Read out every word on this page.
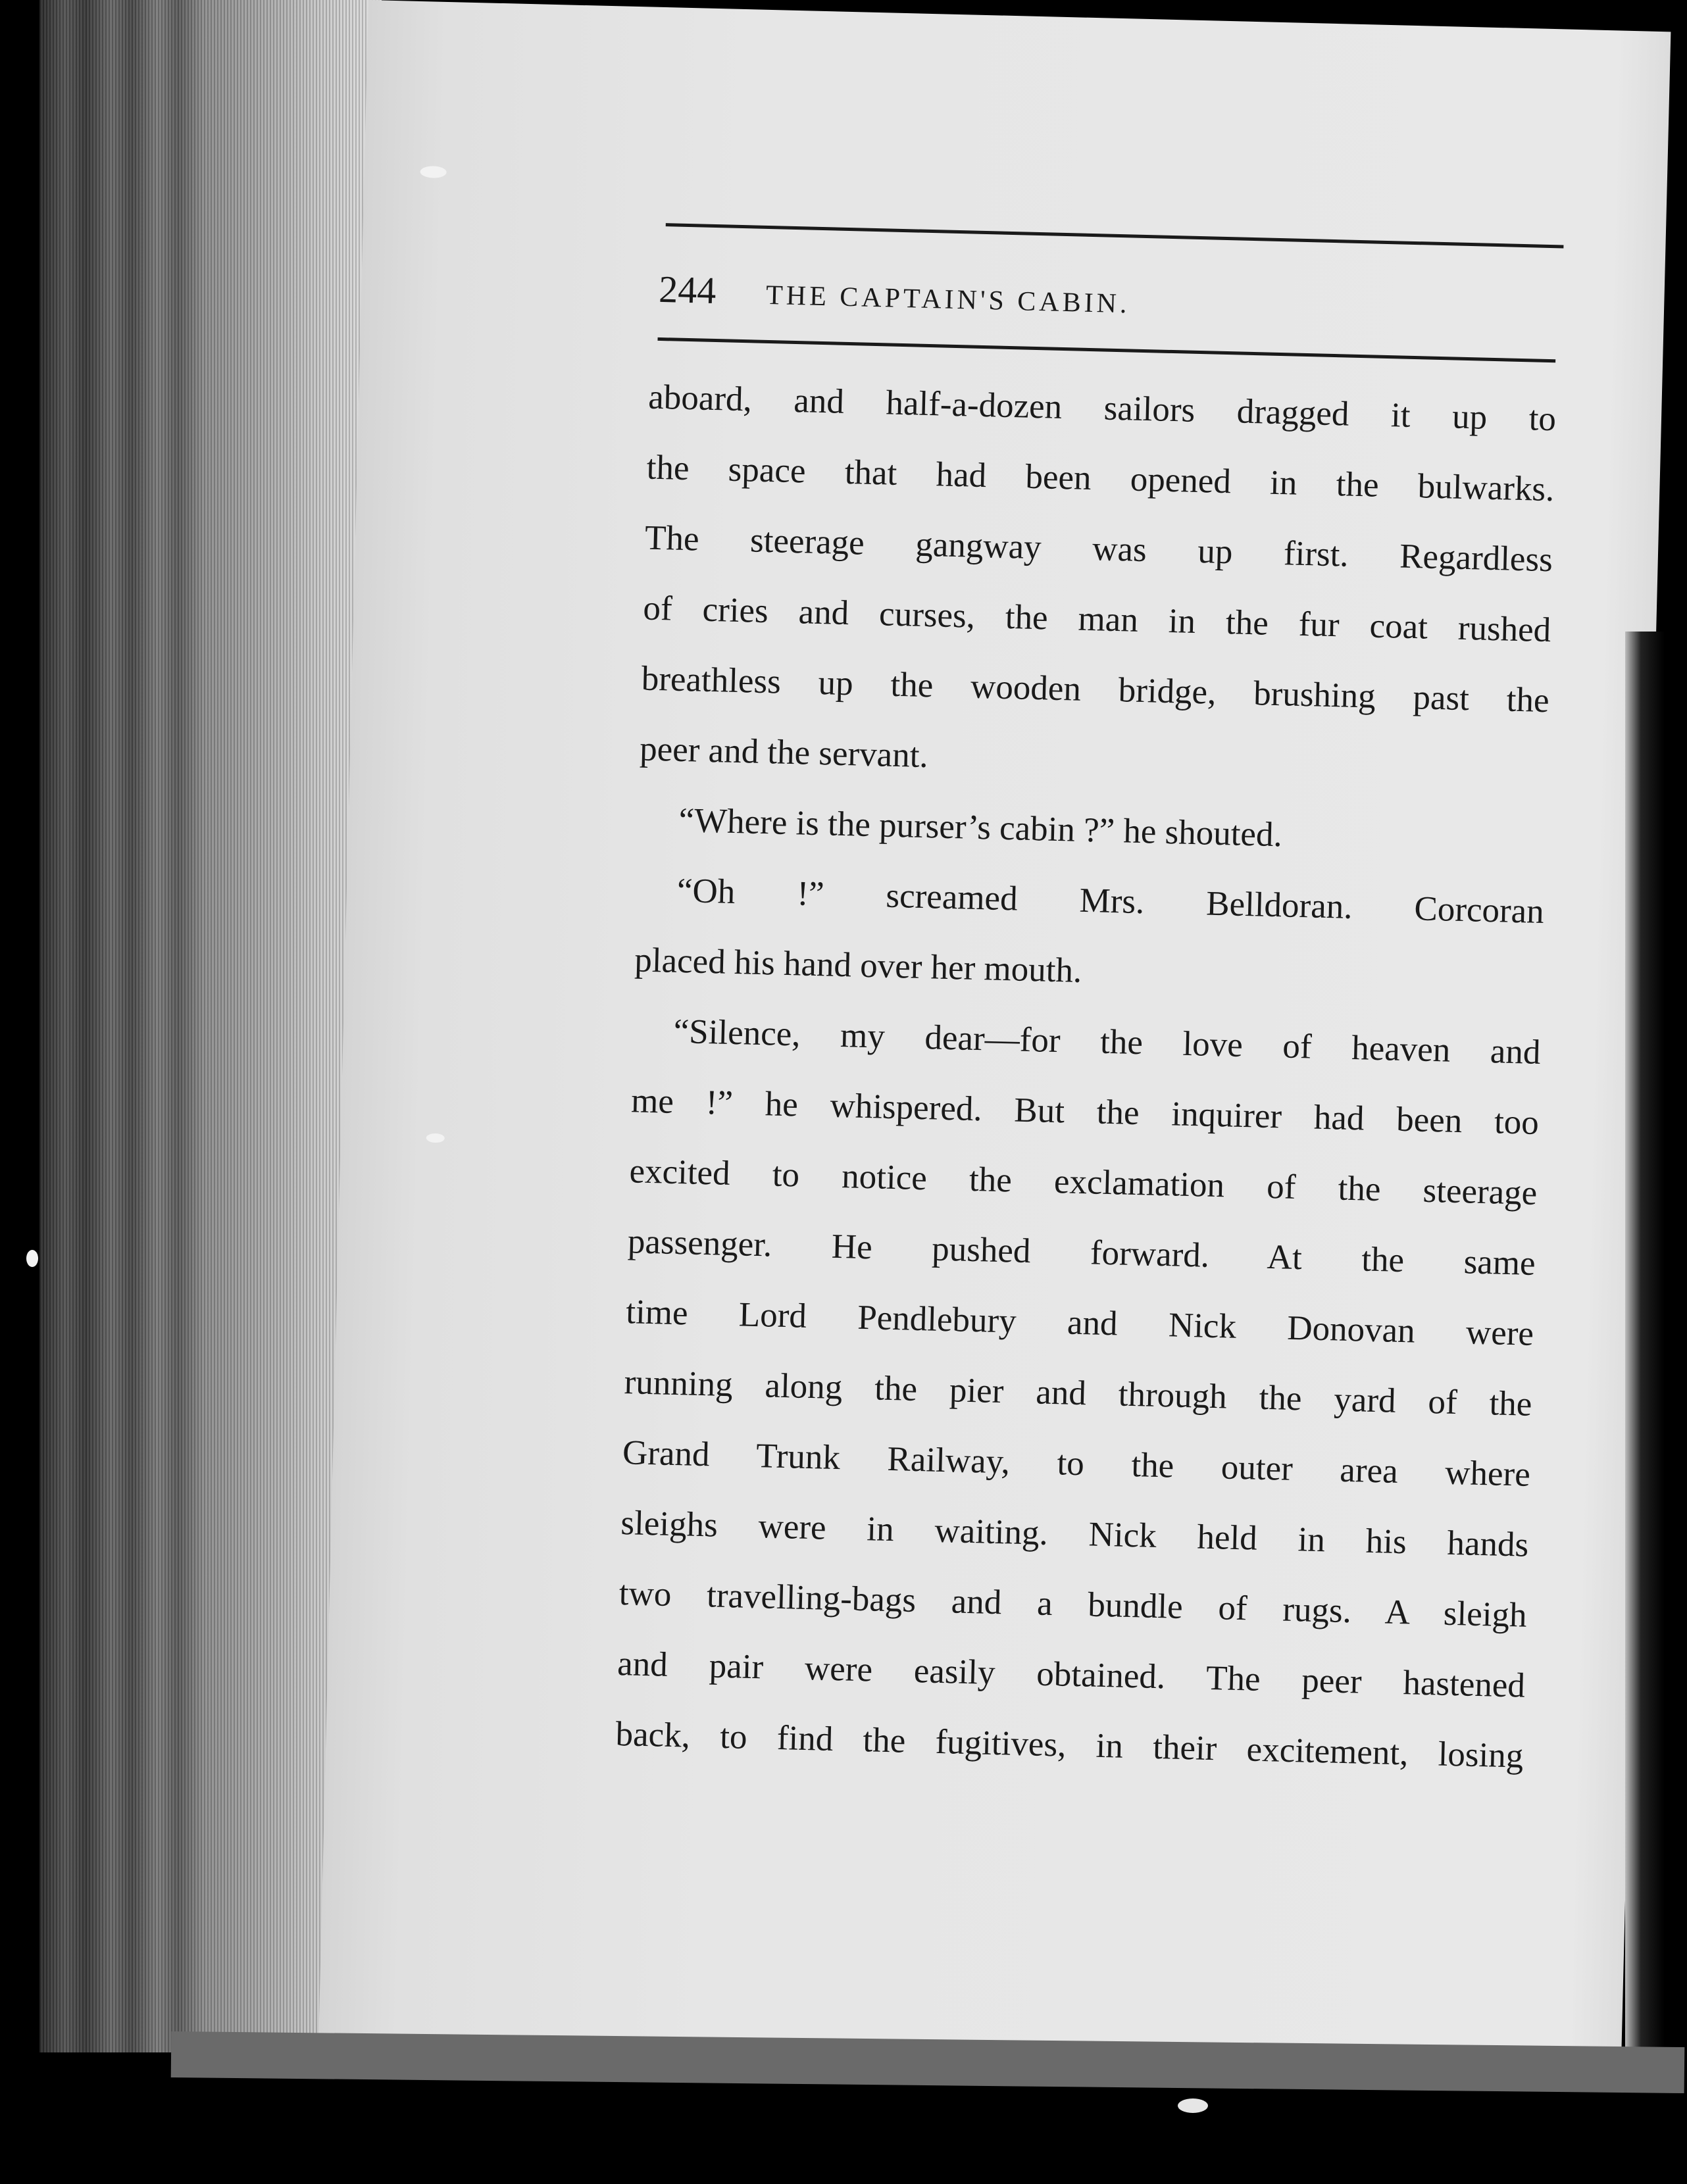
244 THE CAPTAIN'S CABIN.
aboard, and half-a-dozen sailors dragged it up to
the space that had been opened in the bulwarks.
The steerage gangway was up first. Regardless
of cries and curses, the man in the fur coat rushed
breathless up the wooden bridge, brushing past the
peer and the servant.
“Where is the purser’s cabin ?” he shouted.
“Oh !” screamed Mrs. Belldoran. Corcoran
placed his hand over her mouth.
“Silence, my dear—for the love of heaven and
me !” he whispered. But the inquirer had been too
excited to notice the exclamation of the steerage
passenger. He pushed forward. At the same
time Lord Pendlebury and Nick Donovan were
running along the pier and through the yard of the
Grand Trunk Railway, to the outer area where
sleighs were in waiting. Nick held in his hands
two travelling-bags and a bundle of rugs. A sleigh
and pair were easily obtained. The peer hastened
back, to find the fugitives, in their excitement, losing
